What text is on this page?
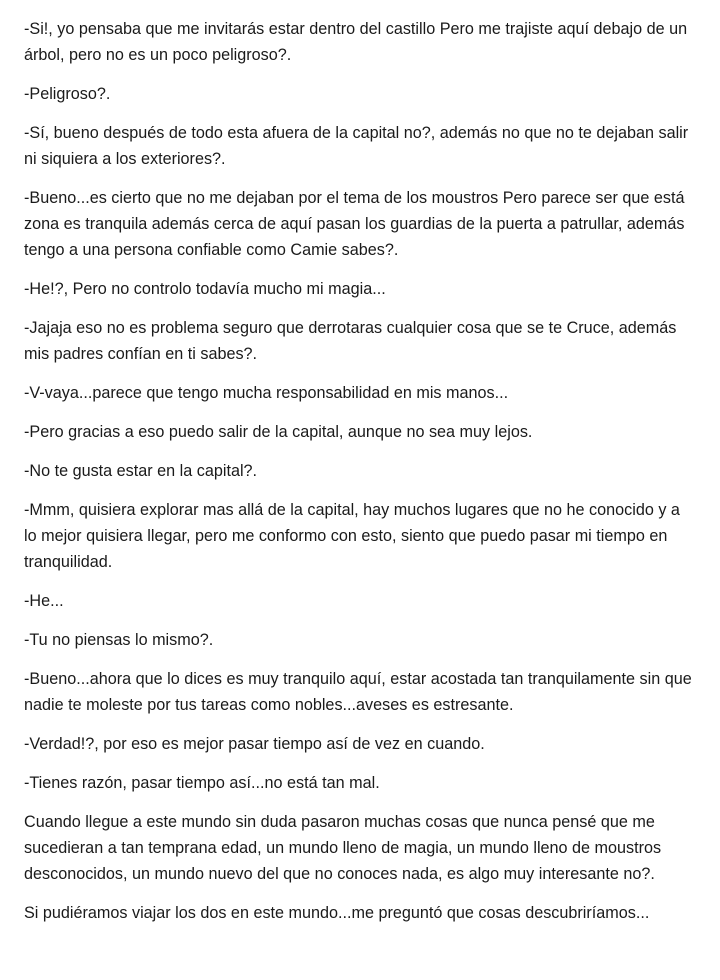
-Si!, yo pensaba que me invitarás estar dentro del castillo Pero me trajiste aquí debajo de un árbol, pero no es un poco peligroso?.

-Peligroso?.

-Sí, bueno después de todo esta afuera de la capital no?, además no que no te dejaban salir ni siquiera a los exteriores?.

-Bueno...es cierto que no me dejaban por el tema de los moustros Pero parece ser que está zona es tranquila además cerca de aquí pasan los guardias de la puerta a patrullar, además tengo a una persona confiable como Camie sabes?.

-He!?, Pero no controlo todavía mucho mi magia...

-Jajaja eso no es problema seguro que derrotaras cualquier cosa que se te Cruce, además mis padres confían en ti sabes?.

-V-vaya...parece que tengo mucha responsabilidad en mis manos...

-Pero gracias a eso puedo salir de la capital, aunque no sea muy lejos.

-No te gusta estar en la capital?.

-Mmm, quisiera explorar mas allá de la capital, hay muchos lugares que no he conocido y a lo mejor quisiera llegar, pero me conformo con esto, siento que puedo pasar mi tiempo en tranquilidad.

-He...

-Tu no piensas lo mismo?.

-Bueno...ahora que lo dices es muy tranquilo aquí, estar acostada tan tranquilamente sin que nadie te moleste por tus tareas como nobles...aveses es estresante.

-Verdad!?, por eso es mejor pasar tiempo así de vez en cuando.

-Tienes razón, pasar tiempo así...no está tan mal.

Cuando llegue a este mundo sin duda pasaron muchas cosas que nunca pensé que me sucedieran a tan temprana edad, un mundo lleno de magia, un mundo lleno de moustros desconocidos, un mundo nuevo del que no conoces nada, es algo muy interesante no?.

Si pudiéramos viajar los dos en este mundo...me preguntó que cosas descubriríamos...
